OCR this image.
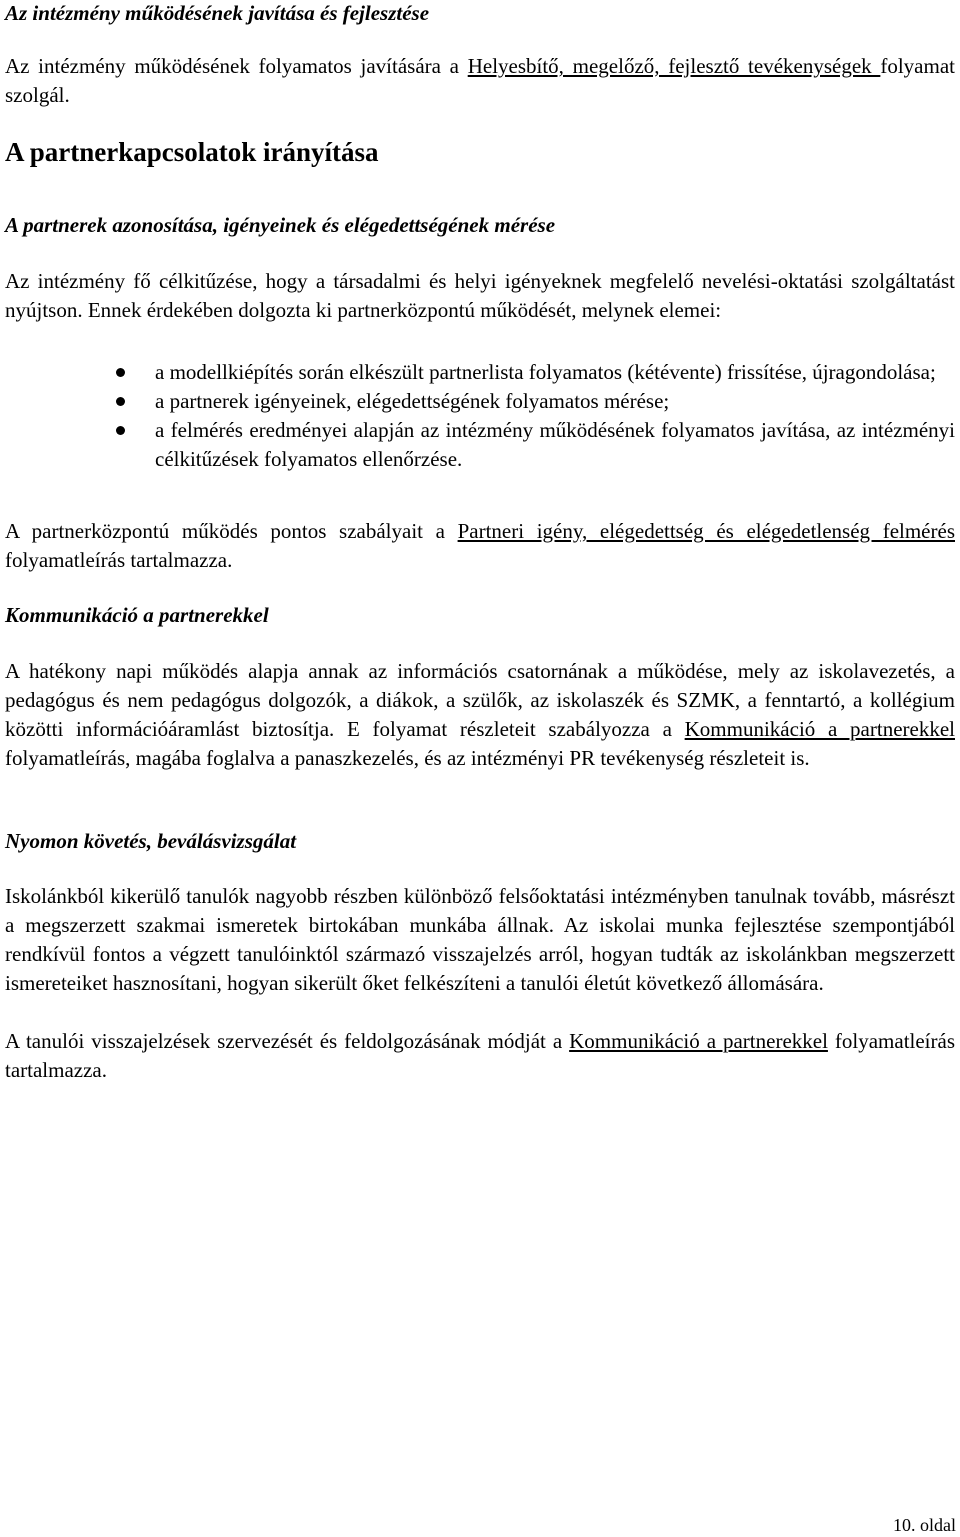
Az intézmény működésének javítása és fejlesztése

Az intézmény működésének folyamatos javítására a Helyesbítő, megelőző, fejlesztő tevékenységek folyamat szolgál.

A partnerkapcsolatok irányítása
A partnerek azonosítása, igényeinek és elégedettségének mérése

Az intézmény fő célkitűzése, hogy a társadalmi és helyi igényeknek megfelelő nevelési-oktatási szolgáltatást nyújtson. Ennek érdekében dolgozta ki partnerközpontú működését, melynek elemei:

a modellkiépítés során elkészült partnerlista folyamatos (kétévente) frissítése, újragondolása;
a partnerek igényeinek, elégedettségének folyamatos mérése;
a felmérés eredményei alapján az intézmény működésének folyamatos javítása, az intézményi célkitűzések folyamatos ellenőrzése.

A partnerközpontú működés pontos szabályait a Partneri igény, elégedettség és elégedetlenség felmérés folyamatleírás tartalmazza.

Kommunikáció a partnerekkel

A hatékony napi működés alapja annak az információs csatornának a működése, mely az iskolavezetés, a pedagógus és nem pedagógus dolgozók, a diákok, a szülők, az iskolaszék és SZMK, a fenntartó, a kollégium közötti információáramlást biztosítja. E folyamat részleteit szabályozza a Kommunikáció a partnerekkel folyamatleírás, magába foglalva a panaszkezelés, és az intézményi PR tevékenység részleteit is.

Nyomon követés, beválásvizsgálat

Iskolánkból kikerülő tanulók nagyobb részben különböző felsőoktatási intézményben tanulnak tovább, másrészt a megszerzett szakmai ismeretek birtokában munkába állnak. Az iskolai munka fejlesztése szempontjából rendkívül fontos a végzett tanulóinktól származó visszajelzés arról, hogyan tudták az iskolánkban megszerzett ismereteiket hasznosítani, hogyan sikerült őket felkészíteni a tanulói életút következő állomására.

A tanulói visszajelzések szervezését és feldolgozásának módját a Kommunikáció a partnerekkel folyamatleírás tartalmazza.

10. oldal
